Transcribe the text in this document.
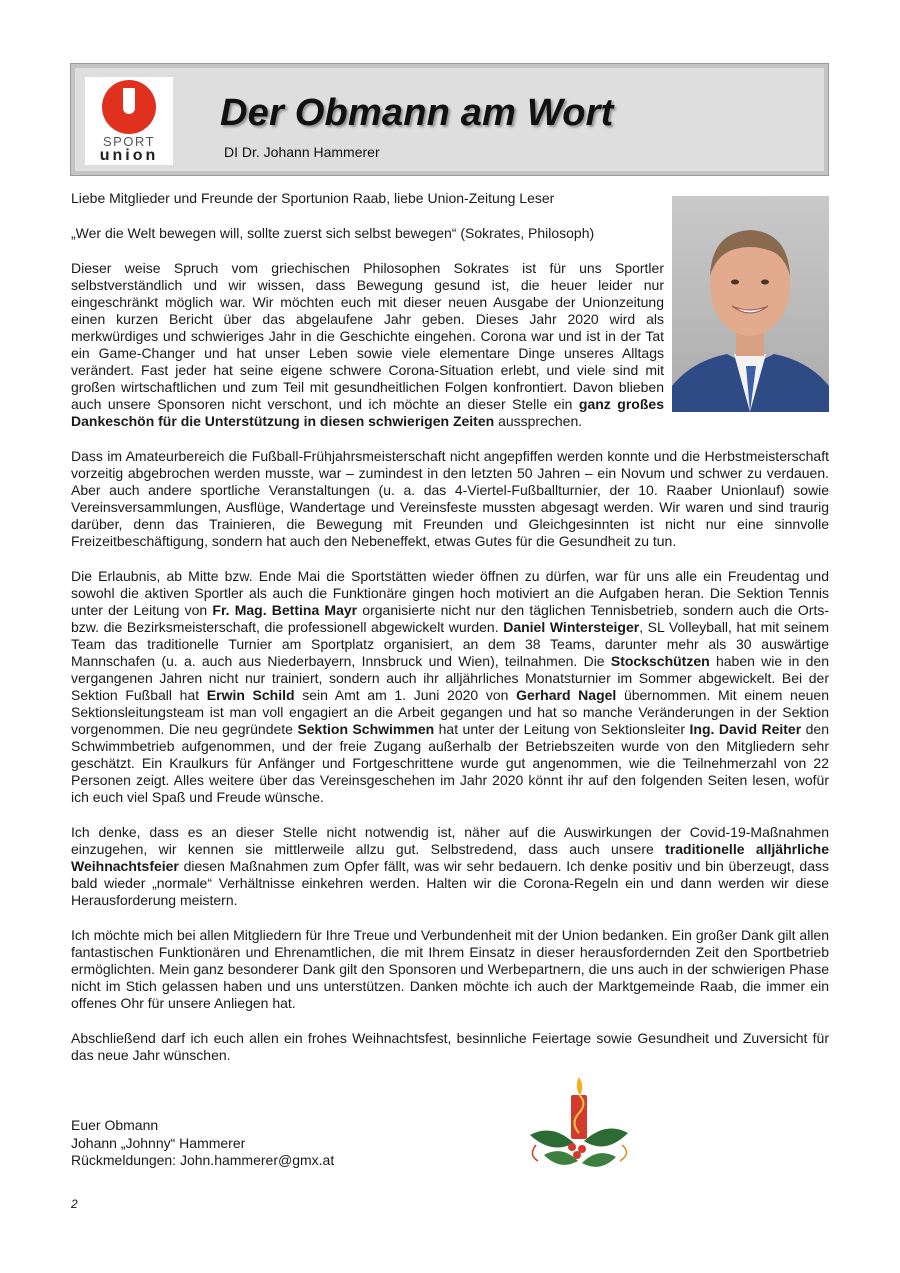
SPORT
union
Der Obmann am Wort
DI Dr. Johann Hammerer

Liebe Mitglieder und Freunde der Sportunion Raab, liebe Union-Zeitung Leser

„Wer die Welt bewegen will, sollte zuerst sich selbst bewegen“ (Sokrates, Philosoph)

Dieser weise Spruch vom griechischen Philosophen Sokrates ist für uns Sportler selbstverständlich und wir wissen, dass Bewegung gesund ist, die heuer leider nur eingeschränkt möglich war. Wir möchten euch mit dieser neuen Ausgabe der Unionzeitung einen kurzen Bericht über das abgelaufene Jahr geben. Dieses Jahr 2020 wird als merkwürdiges und schwieriges Jahr in die Geschichte eingehen. Corona war und ist in der Tat ein Game-Changer und hat unser Leben sowie viele elementare Dinge unseres Alltags verändert. Fast jeder hat seine eigene schwere Corona-Situation erlebt, und viele sind mit großen wirtschaftlichen und zum Teil mit gesundheitlichen Folgen konfrontiert. Davon blieben auch unsere Sponsoren nicht verschont, und ich möchte an dieser Stelle ein ganz großes Dankeschön für die Unterstützung in diesen schwierigen Zeiten aussprechen.

Dass im Amateurbereich die Fußball-Frühjahrsmeisterschaft nicht angepfiffen werden konnte und die Herbstmeisterschaft vorzeitig abgebrochen werden musste, war – zumindest in den letzten 50 Jahren – ein Novum und schwer zu verdauen. Aber auch andere sportliche Veranstaltungen (u. a. das 4-Viertel-Fußballturnier, der 10. Raaber Unionlauf) sowie Vereinsversammlungen, Ausflüge, Wandertage und Vereinsfeste mussten abgesagt werden. Wir waren und sind traurig darüber, denn das Trainieren, die Bewegung mit Freunden und Gleichgesinnten ist nicht nur eine sinnvolle Freizeitbeschäftigung, sondern hat auch den Nebeneffekt, etwas Gutes für die Gesundheit zu tun.

Die Erlaubnis, ab Mitte bzw. Ende Mai die Sportstätten wieder öffnen zu dürfen, war für uns alle ein Freudentag und sowohl die aktiven Sportler als auch die Funktionäre gingen hoch motiviert an die Aufgaben heran. Die Sektion Tennis unter der Leitung von Fr. Mag. Bettina Mayr organisierte nicht nur den täglichen Tennisbetrieb, sondern auch die Orts- bzw. die Bezirksmeisterschaft, die professionell abgewickelt wurden. Daniel Wintersteiger, SL Volleyball, hat mit seinem Team das traditionelle Turnier am Sportplatz organisiert, an dem 38 Teams, darunter mehr als 30 auswärtige Mannschafen (u. a. auch aus Niederbayern, Innsbruck und Wien), teilnahmen. Die Stockschützen haben wie in den vergangenen Jahren nicht nur trainiert, sondern auch ihr alljährliches Monatsturnier im Sommer abgewickelt. Bei der Sektion Fußball hat Erwin Schild sein Amt am 1. Juni 2020 von Gerhard Nagel übernommen. Mit einem neuen Sektionsleitungsteam ist man voll engagiert an die Arbeit gegangen und hat so manche Veränderungen in der Sektion vorgenommen. Die neu gegründete Sektion Schwimmen hat unter der Leitung von Sektionsleiter Ing. David Reiter den Schwimmbetrieb aufgenommen, und der freie Zugang außerhalb der Betriebszeiten wurde von den Mitgliedern sehr geschätzt. Ein Kraulkurs für Anfänger und Fortgeschrittene wurde gut angenommen, wie die Teilnehmerzahl von 22 Personen zeigt. Alles weitere über das Vereinsgeschehen im Jahr 2020 könnt ihr auf den folgenden Seiten lesen, wofür ich euch viel Spaß und Freude wünsche.

Ich denke, dass es an dieser Stelle nicht notwendig ist, näher auf die Auswirkungen der Covid-19-Maßnahmen einzugehen, wir kennen sie mittlerweile allzu gut. Selbstredend, dass auch unsere traditionelle alljährliche Weihnachtsfeier diesen Maßnahmen zum Opfer fällt, was wir sehr bedauern. Ich denke positiv und bin überzeugt, dass bald wieder „normale“ Verhältnisse einkehren werden. Halten wir die Corona-Regeln ein und dann werden wir diese Herausforderung meistern.

Ich möchte mich bei allen Mitgliedern für Ihre Treue und Verbundenheit mit der Union bedanken. Ein großer Dank gilt allen fantastischen Funktionären und Ehrenamtlichen, die mit Ihrem Einsatz in dieser herausfordernden Zeit den Sportbetrieb ermöglichten. Mein ganz besonderer Dank gilt den Sponsoren und Werbepartnern, die uns auch in der schwierigen Phase nicht im Stich gelassen haben und uns unterstützen. Danken möchte ich auch der Marktgemeinde Raab, die immer ein offenes Ohr für unsere Anliegen hat.

Abschließend darf ich euch allen ein frohes Weihnachtsfest, besinnliche Feiertage sowie Gesundheit und Zuversicht für das neue Jahr wünschen.

Euer Obmann
Johann „Johnny“ Hammerer
Rückmeldungen: John.hammerer@gmx.at
2
